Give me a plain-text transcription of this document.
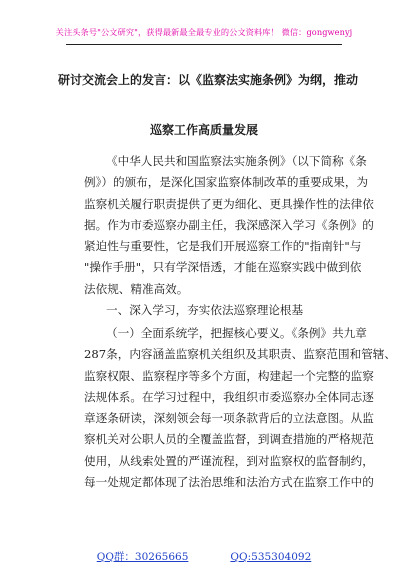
关注头条号"公文研究"，获得最新最全最专业的公文资料库！ 微信：gongwenyj
研讨交流会上的发言：以《监察法实施条例》为纲，推动
巡察工作高质量发展
《中华人民共和国监察法实施条例》（以下简称《条
例》）的颁布，是深化国家监察体制改革的重要成果，为
监察机关履行职责提供了更为细化、更具操作性的法律依
据。作为市委巡察办副主任，我深感深入学习《条例》的
紧迫性与重要性，它是我们开展巡察工作的"指南针"与
"操作手册"，只有学深悟透，才能在巡察实践中做到依
法依规、精准高效。
一、深入学习，夯实依法巡察理论根基
（一）全面系统学，把握核心要义。《条例》共九章
287条，内容涵盖监察机关组织及其职责、监察范围和管辖、
监察权限、监察程序等多个方面，构建起一个完整的监察
法规体系。在学习过程中，我组织市委巡察办全体同志逐
章逐条研读，深刻领会每一项条款背后的立法意图。从监
察机关对公职人员的全覆盖监督，到调查措施的严格规范
使用，从线索处置的严谨流程，到对监察权的监督制约，
每一处规定都体现了法治思维和法治方式在监察工作中的
QQ群：30265665	QQ:535304092
